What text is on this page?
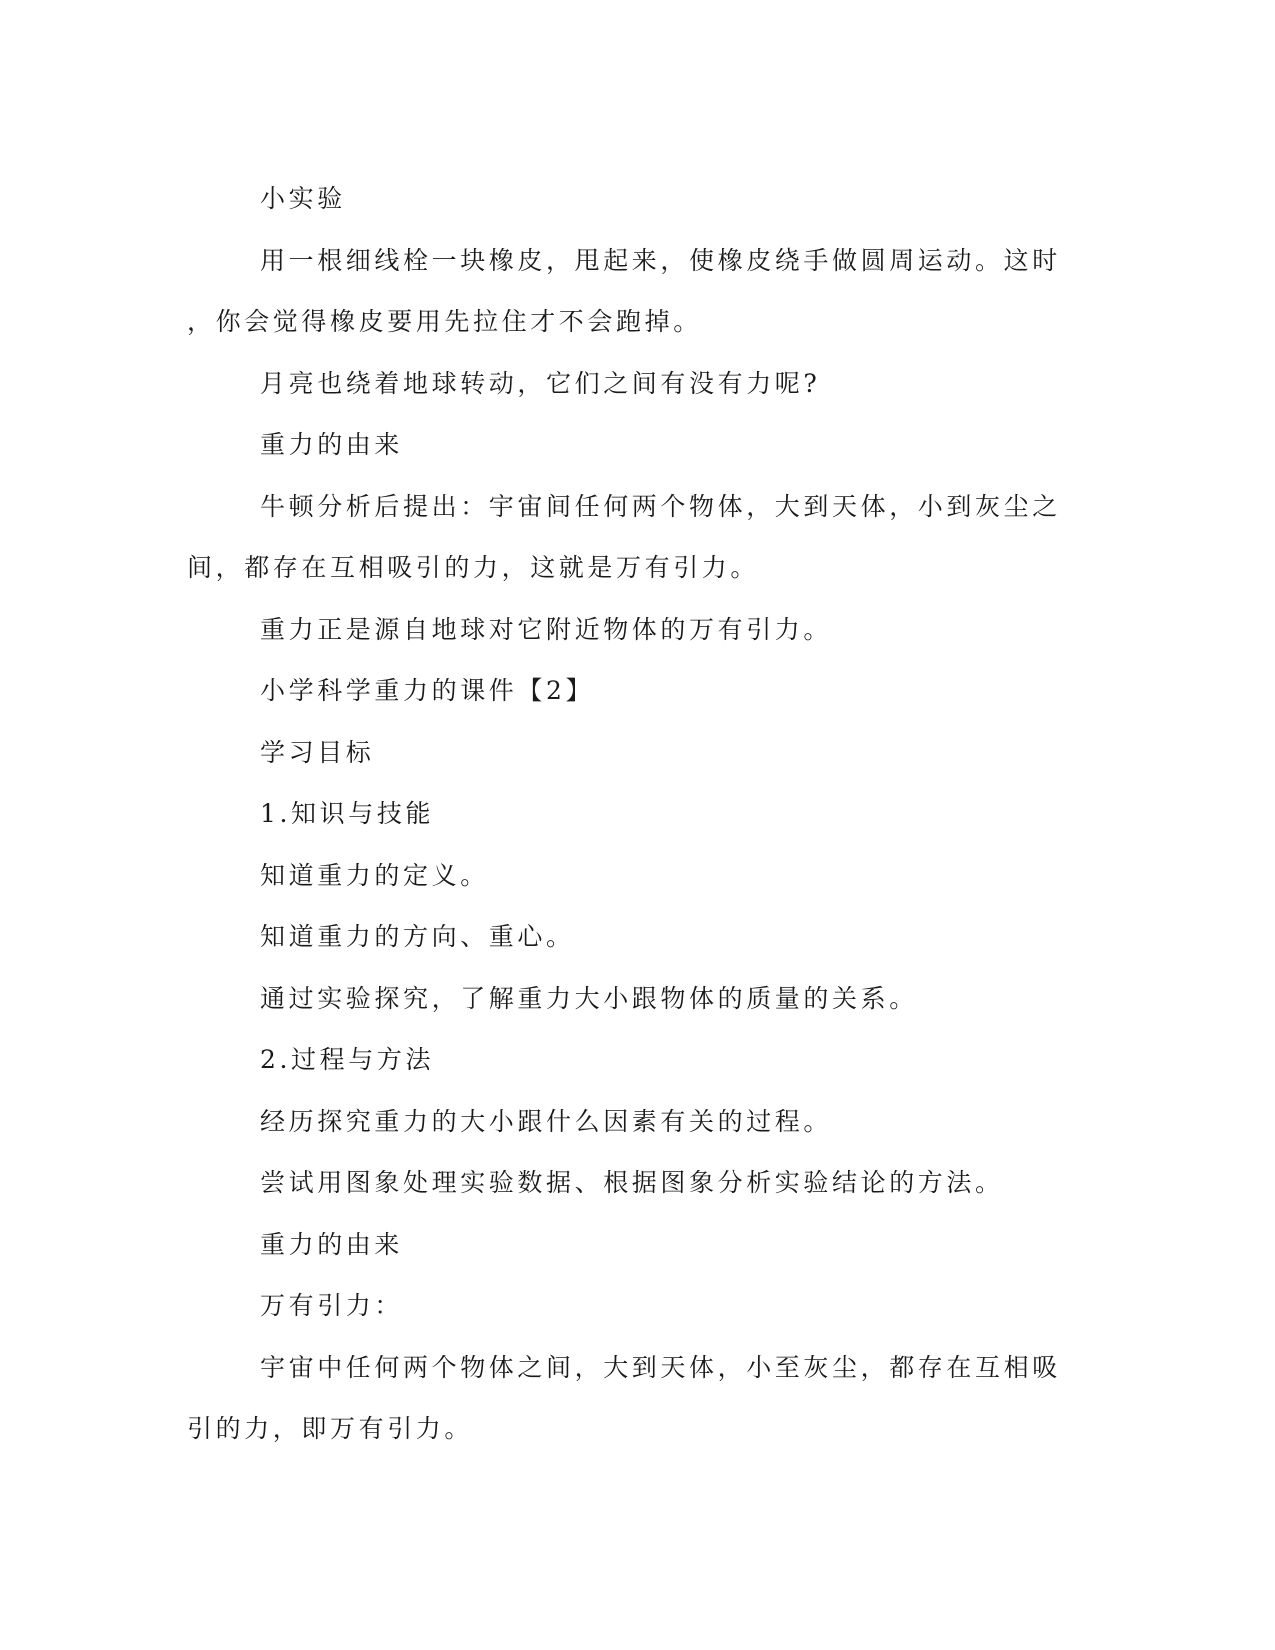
小实验
用一根细线栓一块橡皮，甩起来，使橡皮绕手做圆周运动。这时
，你会觉得橡皮要用先拉住才不会跑掉。
月亮也绕着地球转动，它们之间有没有力呢?
重力的由来
牛顿分析后提出：宇宙间任何两个物体，大到天体，小到灰尘之
间，都存在互相吸引的力，这就是万有引力。
重力正是源自地球对它附近物体的万有引力。
小学科学重力的课件【2】
学习目标
1.知识与技能
知道重力的定义。
知道重力的方向、重心。
通过实验探究，了解重力大小跟物体的质量的关系。
2.过程与方法
经历探究重力的大小跟什么因素有关的过程。
尝试用图象处理实验数据、根据图象分析实验结论的方法。
重力的由来
万有引力：
宇宙中任何两个物体之间，大到天体，小至灰尘，都存在互相吸
引的力，即万有引力。
